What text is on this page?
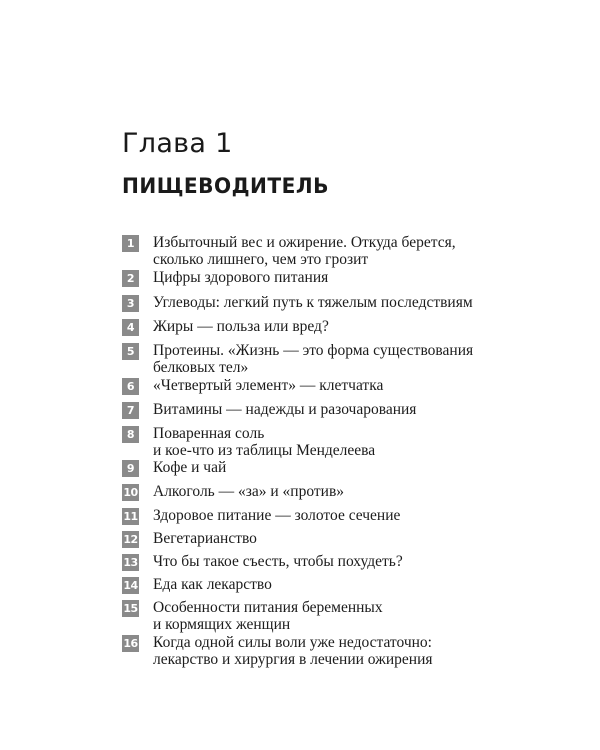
Глава 1
ПИЩЕВОДИТЕЛЬ
1	Избыточный вес и ожирение. Откуда берется,
сколько лишнего, чем это грозит
2	Цифры здорового питания
3	Углеводы: легкий путь к тяжелым последствиям
4	Жиры — польза или вред?
5	Протеины. «Жизнь — это форма существования
белковых тел»
6	«Четвертый элемент» — клетчатка
7	Витамины — надежды и разочарования
8	Поваренная соль
и кое-что из таблицы Менделеева
9	Кофе и чай
10 Алкоголь — «за» и «против»
11 Здоровое питание — золотое сечение
12 Вегетарианство
13 Что бы такое съесть, чтобы похудеть?
14 Еда как лекарство
15 Особенности питания беременных
и кормящих женщин
16 Когда одной силы воли уже недостаточно:
лекарство и хирургия в лечении ожирения
